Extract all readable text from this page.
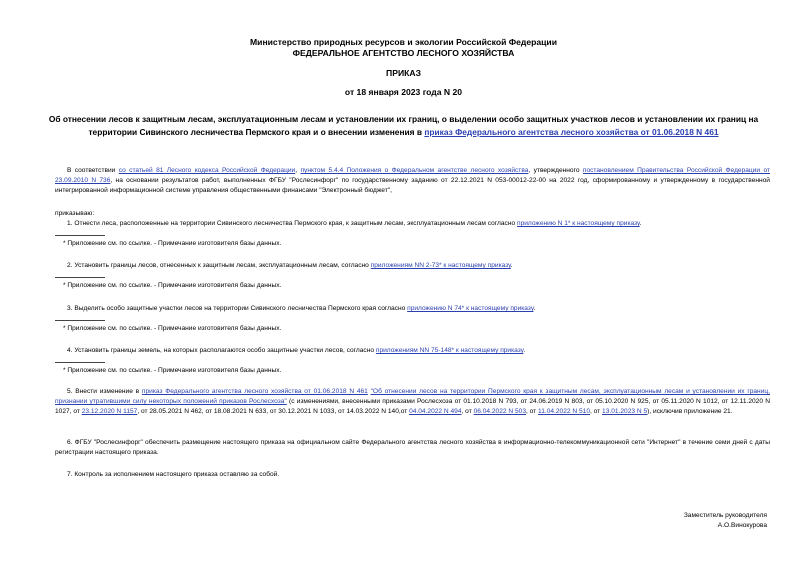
Министерство природных ресурсов и экологии Российской Федерации
ФЕДЕРАЛЬНОЕ АГЕНТСТВО ЛЕСНОГО ХОЗЯЙСТВА
ПРИКАЗ
от 18 января 2023 года N 20
Об отнесении лесов к защитным лесам, эксплуатационным лесам и установлении их границ, о выделении особо защитных участков лесов и установлении их границ на территории Сивинского лесничества Пермского края и о внесении изменения в приказ Федерального агентства лесного хозяйства от 01.06.2018 N 461
В соответствии со статьей 81 Лесного кодекса Российской Федерации, пунктом 5.4.4 Положения о Федеральном агентстве лесного хозяйства, утвержденного постановлением Правительства Российской Федерации от 23.09.2010 N 736, на основании результатов работ, выполненных ФГБУ "Рослесинфорг" по государственному заданию от 22.12.2021 N 053-00012-22-00 на 2022 год, сформированному и утвержденному в государственной интегрированной информационной системе управления общественными финансами "Электронный бюджет",
приказываю:
1. Отнести леса, расположенные на территории Сивинского лесничества Пермского края, к защитным лесам, эксплуатационным лесам согласно приложению N 1* к настоящему приказу.
* Приложение см. по ссылке. - Примечание изготовителя базы данных.
2. Установить границы лесов, отнесенных к защитным лесам, эксплуатационным лесам, согласно приложениям NN 2-73* к настоящему приказу.
* Приложение см. по ссылке. - Примечание изготовителя базы данных.
3. Выделить особо защитные участки лесов на территории Сивинского лесничества Пермского края согласно приложению N 74* к настоящему приказу.
* Приложение см. по ссылке. - Примечание изготовителя базы данных.
4. Установить границы земель, на которых располагаются особо защитные участки лесов, согласно приложениям NN 75-148* к настоящему приказу.
* Приложение см. по ссылке. - Примечание изготовителя базы данных.
5. Внести изменение в приказ Федерального агентства лесного хозяйства от 01.06.2018 N 461 "Об отнесении лесов на территории Пермского края к защитным лесам, эксплуатационным лесам и установлении их границ, признании утратившими силу некоторых положений приказов Рослесхоза" (с изменениями, внесенными приказами Рослесхоза от 01.10.2018 N 793, от 24.06.2019 N 803, от 05.10.2020 N 925, от 05.11.2020 N 1012, от 12.11.2020 N 1027, от 23.12.2020 N 1157, от 28.05.2021 N 462, от 18.08.2021 N 633, от 30.12.2021 N 1033, от 14.03.2022 N 140,от 04.04.2022 N 494, от 06.04.2022 N 503, от 11.04.2022 N 510, от 13.01.2023 N 5), исключив приложение 21.
6. ФГБУ "Рослесинфорг" обеспечить размещение настоящего приказа на официальном сайте Федерального агентства лесного хозяйства в информационно-телекоммуникационной сети "Интернет" в течение семи дней с даты регистрации настоящего приказа.
7. Контроль за исполнением настоящего приказа оставляю за собой.
Заместитель руководителя
А.О.Винокурова
